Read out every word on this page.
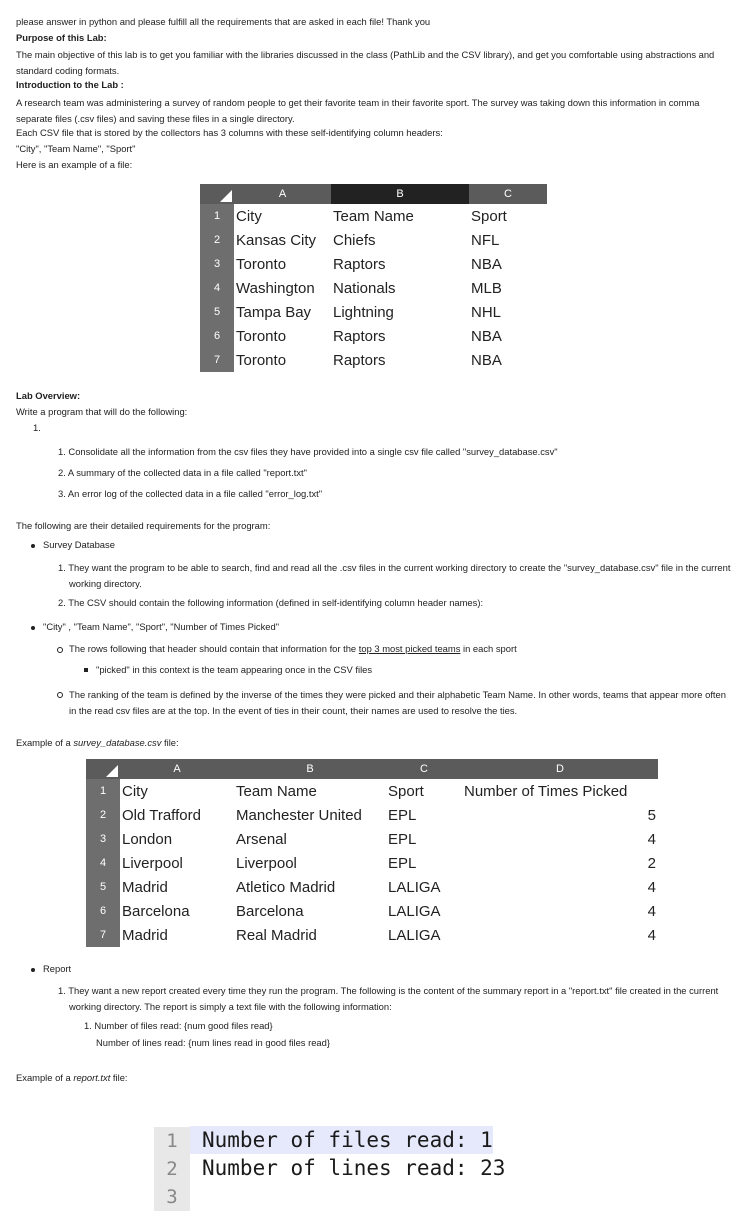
please answer in python and please fulfill all the requirements that are asked in each file! Thank you
Purpose of this Lab:
The main objective of this lab is to get you familiar with the libraries discussed in the class (PathLib and the CSV library), and get you comfortable using abstractions and standard coding formats.
Introduction to the Lab :
A research team was administering a survey of random people to get their favorite team in their favorite sport. The survey was taking down this information in comma separate files (.csv files) and saving these files in a single directory.
Each CSV file that is stored by the collectors has 3 columns with these self-identifying column headers:
"City", "Team Name", "Sport"
Here is an example of a file:
	A	B	C
1	City	Team Name	Sport
2	Kansas City	Chiefs	NFL
3	Toronto	Raptors	NBA
4	Washington	Nationals	MLB
5	Tampa Bay	Lightning	NHL
6	Toronto	Raptors	NBA
7	Toronto	Raptors	NBA
Lab Overview:
Write a program that will do the following:
1.
1. Consolidate all the information from the csv files they have provided into a single csv file called "survey_database.csv"
2. A summary of the collected data in a file called "report.txt"
3. An error log of the collected data in a file called "error_log.txt"
The following are their detailed requirements for the program:
Survey Database
1. They want the program to be able to search, find and read all the .csv files in the current working directory to create the "survey_database.csv" file in the current working directory.
2. The CSV should contain the following information (defined in self-identifying column header names):
"City" , "Team Name", "Sport", "Number of Times Picked"
The rows following that header should contain that information for the top 3 most picked teams in each sport
"picked" in this context is the team appearing once in the CSV files
The ranking of the team is defined by the inverse of the times they were picked and their alphabetic Team Name. In other words, teams that appear more often in the read csv files are at the top. In the event of ties in their count, their names are used to resolve the ties.
Example of a survey_database.csv file:
	A	B	C	D
1	City	Team Name	Sport	Number of Times Picked
2	Old Trafford	Manchester United	EPL	5
3	London	Arsenal	EPL	4
4	Liverpool	Liverpool	EPL	2
5	Madrid	Atletico Madrid	LALIGA	4
6	Barcelona	Barcelona	LALIGA	4
7	Madrid	Real Madrid	LALIGA	4
Report
1. They want a new report created every time they run the program. The following is the content of the summary report in a "report.txt" file created in the current working directory. The report is simply a text file with the following information:
1. Number of files read: {num good files read}
Number of lines read: {num lines read in good files read}
Example of a report.txt file:
1 Number of files read: 1
2 Number of lines read: 23
3
